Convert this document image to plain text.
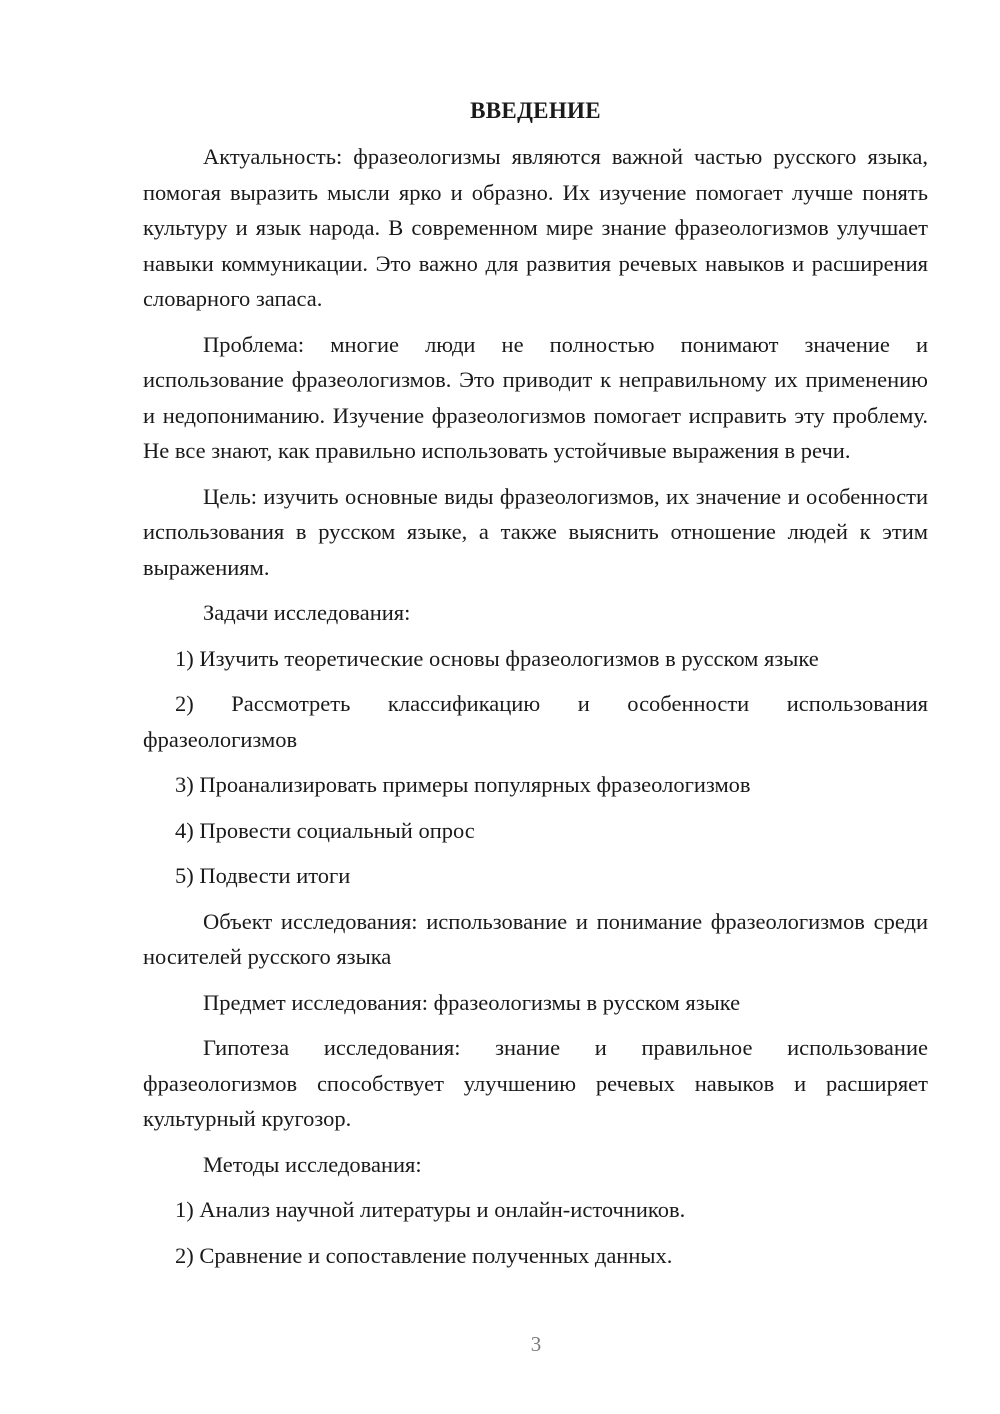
ВВЕДЕНИЕ

Актуальность: фразеологизмы являются важной частью русского языка, помогая выразить мысли ярко и образно. Их изучение помогает лучше понять культуру и язык народа. В современном мире знание фразеологизмов улучшает навыки коммуникации. Это важно для развития речевых навыков и расширения словарного запаса.

Проблема: многие люди не полностью понимают значение и использование фразеологизмов. Это приводит к неправильному их применению и недопониманию. Изучение фразеологизмов помогает исправить эту проблему. Не все знают, как правильно использовать устойчивые выражения в речи.

Цель: изучить основные виды фразеологизмов, их значение и особенности использования в русском языке, а также выяснить отношение людей к этим выражениям.

Задачи исследования:

1) Изучить теоретические основы фразеологизмов в русском языке

2) Рассмотреть классификацию и особенности использования фразеологизмов

3) Проанализировать примеры популярных фразеологизмов

4) Провести социальный опрос

5) Подвести итоги

Объект исследования: использование и понимание фразеологизмов среди носителей русского языка

Предмет исследования: фразеологизмы в русском языке

Гипотеза исследования: знание и правильное использование фразеологизмов способствует улучшению речевых навыков и расширяет культурный кругозор.

Методы исследования:

1) Анализ научной литературы и онлайн-источников.

2) Сравнение и сопоставление полученных данных.

3
